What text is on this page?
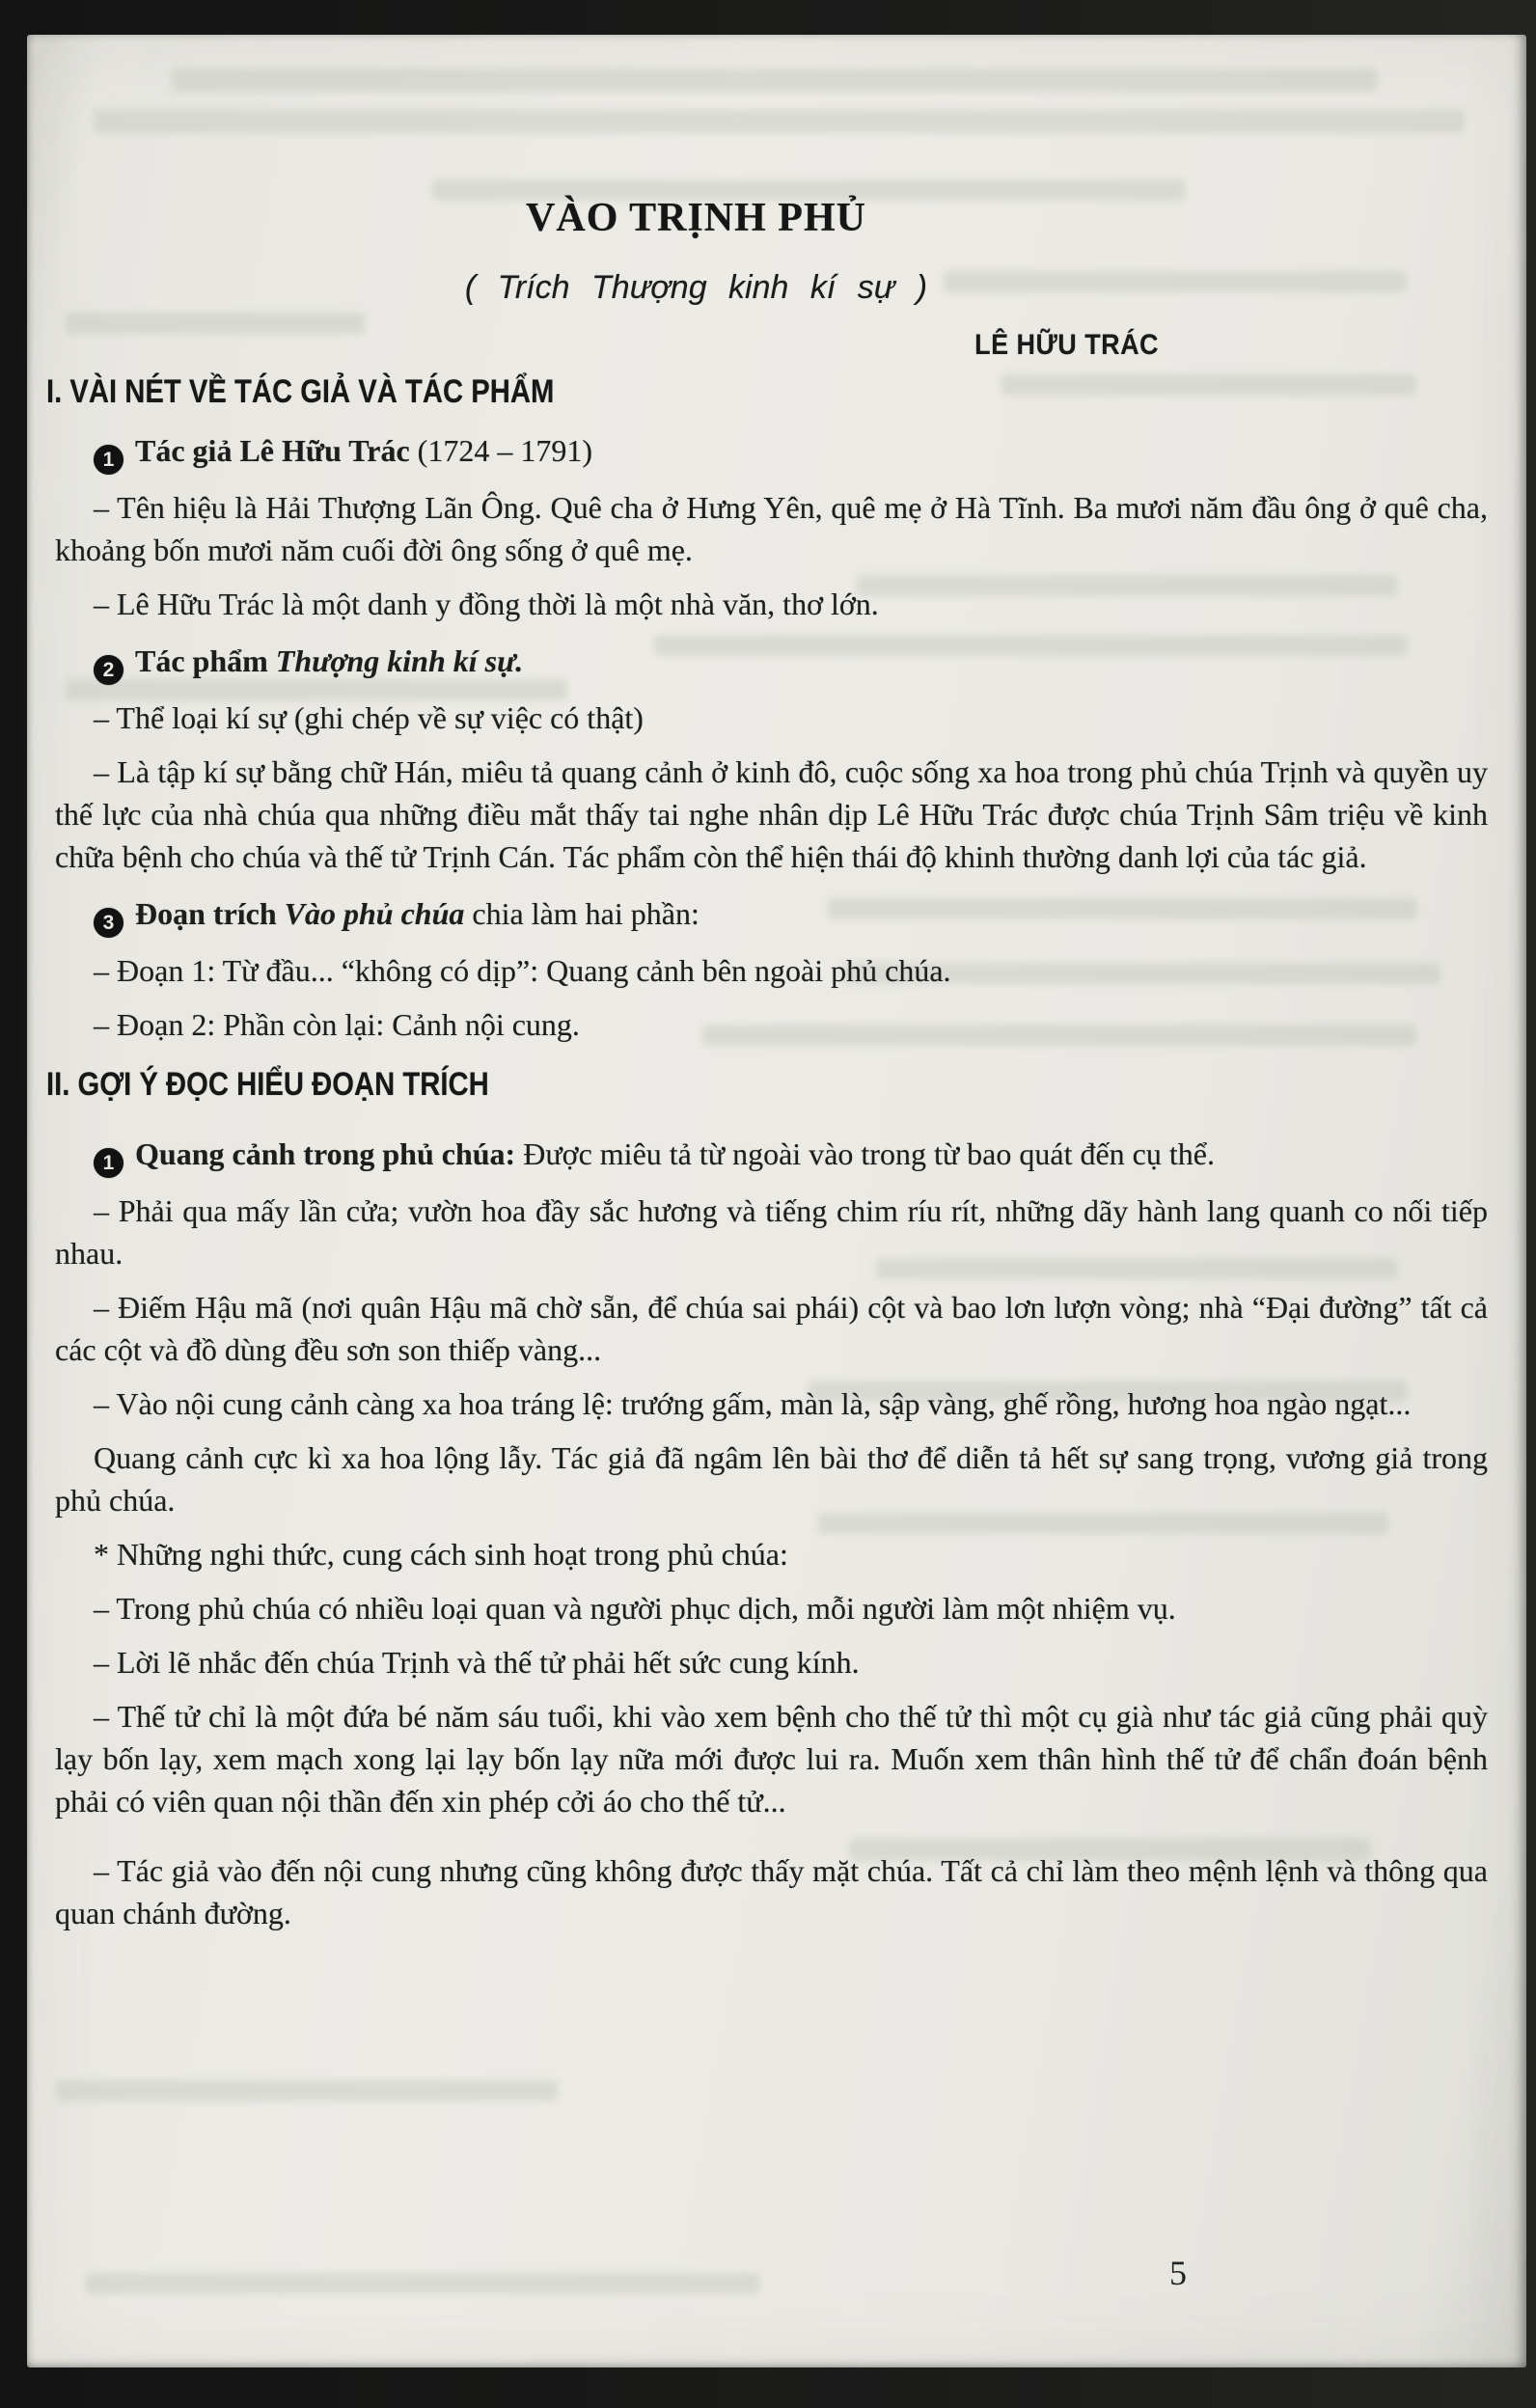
VÀO TRỊNH PHỦ

( Trích Thượng kinh kí sự )

LÊ HỮU TRÁC

I. VÀI NÉT VỀ TÁC GIẢ VÀ TÁC PHẨM

1 Tác giả Lê Hữu Trác (1724 – 1791)

– Tên hiệu là Hải Thượng Lãn Ông. Quê cha ở Hưng Yên, quê mẹ ở Hà Tĩnh. Ba mươi năm đầu ông ở quê cha, khoảng bốn mươi năm cuối đời ông sống ở quê mẹ.

– Lê Hữu Trác là một danh y đồng thời là một nhà văn, thơ lớn.

2 Tác phẩm Thượng kinh kí sự.

– Thể loại kí sự (ghi chép về sự việc có thật)

– Là tập kí sự bằng chữ Hán, miêu tả quang cảnh ở kinh đô, cuộc sống xa hoa trong phủ chúa Trịnh và quyền uy thế lực của nhà chúa qua những điều mắt thấy tai nghe nhân dịp Lê Hữu Trác được chúa Trịnh Sâm triệu về kinh chữa bệnh cho chúa và thế tử Trịnh Cán. Tác phẩm còn thể hiện thái độ khinh thường danh lợi của tác giả.

3 Đoạn trích Vào phủ chúa chia làm hai phần:

– Đoạn 1: Từ đầu... “không có dịp”: Quang cảnh bên ngoài phủ chúa.

– Đoạn 2: Phần còn lại: Cảnh nội cung.

II. GỢI Ý ĐỌC HIỂU ĐOẠN TRÍCH

1 Quang cảnh trong phủ chúa: Được miêu tả từ ngoài vào trong từ bao quát đến cụ thể.

– Phải qua mấy lần cửa; vườn hoa đầy sắc hương và tiếng chim ríu rít, những dãy hành lang quanh co nối tiếp nhau.

– Điếm Hậu mã (nơi quân Hậu mã chờ sẵn, để chúa sai phái) cột và bao lơn lượn vòng; nhà “Đại đường” tất cả các cột và đồ dùng đều sơn son thiếp vàng...

– Vào nội cung cảnh càng xa hoa tráng lệ: trướng gấm, màn là, sập vàng, ghế rồng, hương hoa ngào ngạt...

Quang cảnh cực kì xa hoa lộng lẫy. Tác giả đã ngâm lên bài thơ để diễn tả hết sự sang trọng, vương giả trong phủ chúa.

* Những nghi thức, cung cách sinh hoạt trong phủ chúa:

– Trong phủ chúa có nhiều loại quan và người phục dịch, mỗi người làm một nhiệm vụ.

– Lời lẽ nhắc đến chúa Trịnh và thế tử phải hết sức cung kính.

– Thế tử chỉ là một đứa bé năm sáu tuổi, khi vào xem bệnh cho thế tử thì một cụ già như tác giả cũng phải quỳ lạy bốn lạy, xem mạch xong lại lạy bốn lạy nữa mới được lui ra. Muốn xem thân hình thế tử để chẩn đoán bệnh phải có viên quan nội thần đến xin phép cởi áo cho thế tử...

– Tác giả vào đến nội cung nhưng cũng không được thấy mặt chúa. Tất cả chỉ làm theo mệnh lệnh và thông qua quan chánh đường.

5
